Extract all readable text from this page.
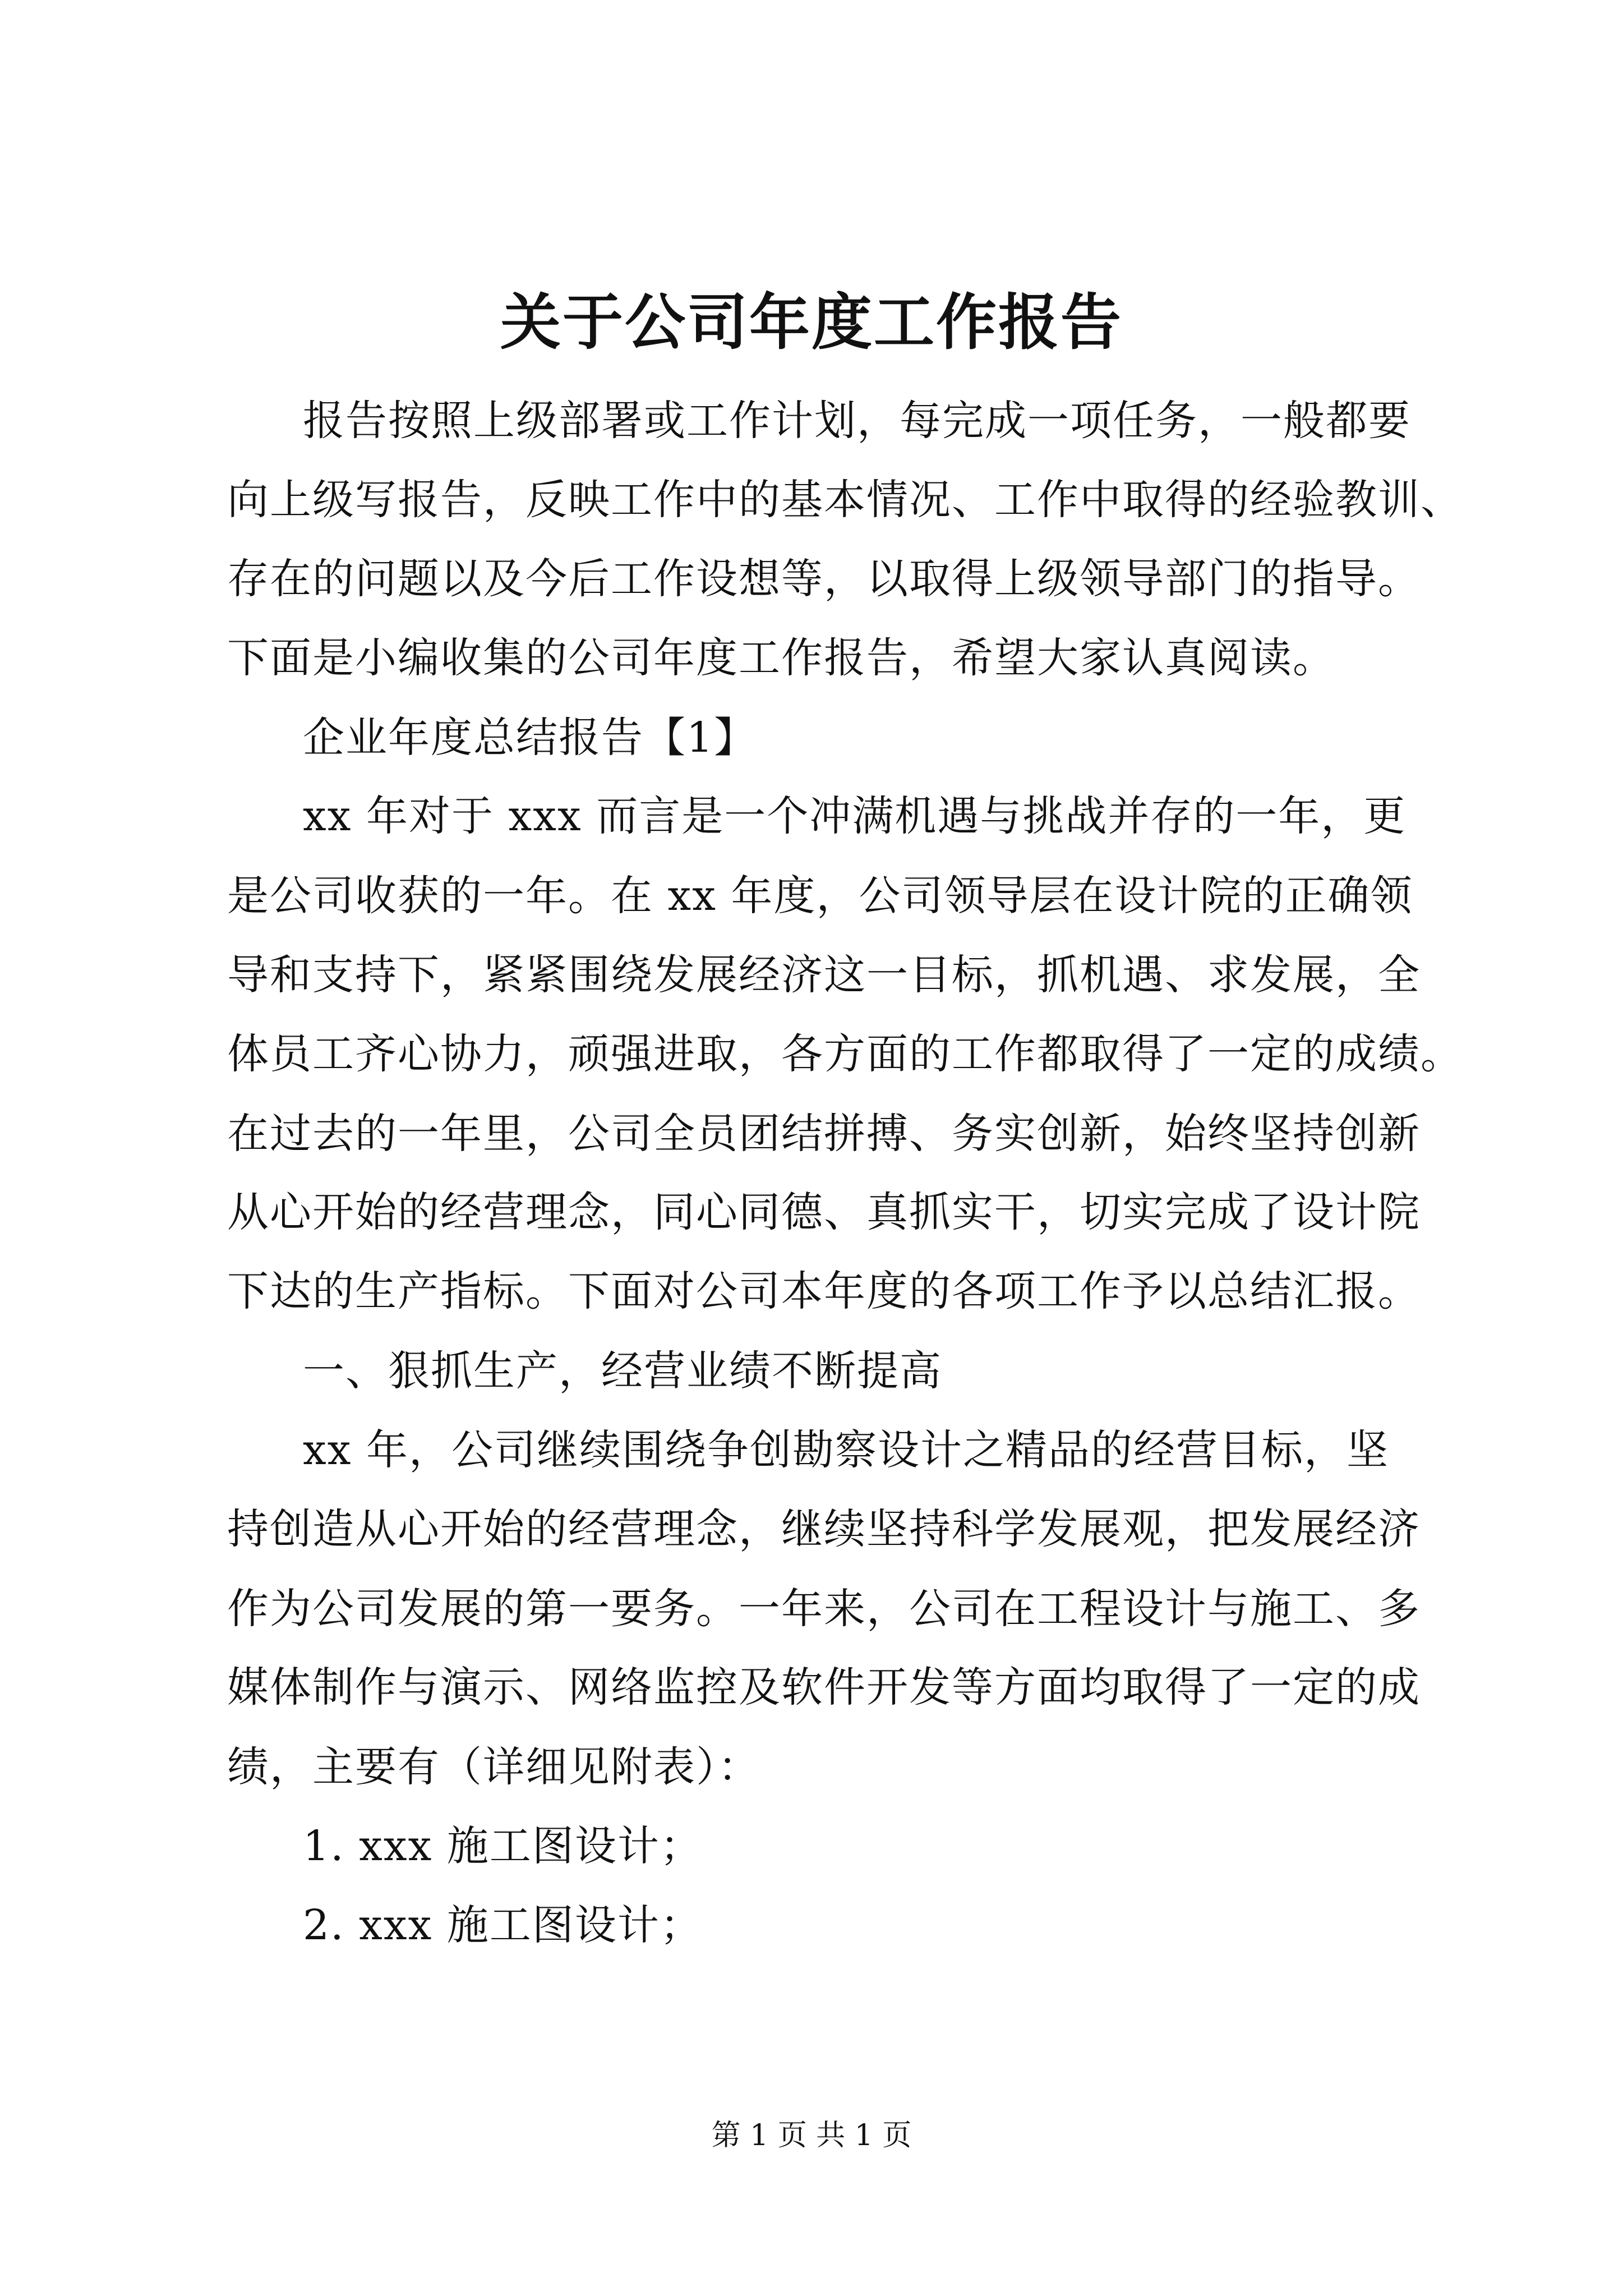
关于公司年度工作报告
报告按照上级部署或工作计划，每完成一项任务，一般都要
向上级写报告，反映工作中的基本情况、工作中取得的经验教训、
存在的问题以及今后工作设想等，以取得上级领导部门的指导。
下面是小编收集的公司年度工作报告，希望大家认真阅读。
企业年度总结报告【1】
xx 年对于 xxx 而言是一个冲满机遇与挑战并存的一年，更
是公司收获的一年。在 xx 年度，公司领导层在设计院的正确领
导和支持下，紧紧围绕发展经济这一目标，抓机遇、求发展，全
体员工齐心协力，顽强进取，各方面的工作都取得了一定的成绩。
在过去的一年里，公司全员团结拼搏、务实创新，始终坚持创新
从心开始的经营理念，同心同德、真抓实干，切实完成了设计院
下达的生产指标。下面对公司本年度的各项工作予以总结汇报。
一、狠抓生产，经营业绩不断提高
xx 年，公司继续围绕争创勘察设计之精品的经营目标，坚
持创造从心开始的经营理念，继续坚持科学发展观，把发展经济
作为公司发展的第一要务。一年来，公司在工程设计与施工、多
媒体制作与演示、网络监控及软件开发等方面均取得了一定的成
绩，主要有（详细见附表）：
1. xxx 施工图设计；
2. xxx 施工图设计；
第 1 页 共 1 页
